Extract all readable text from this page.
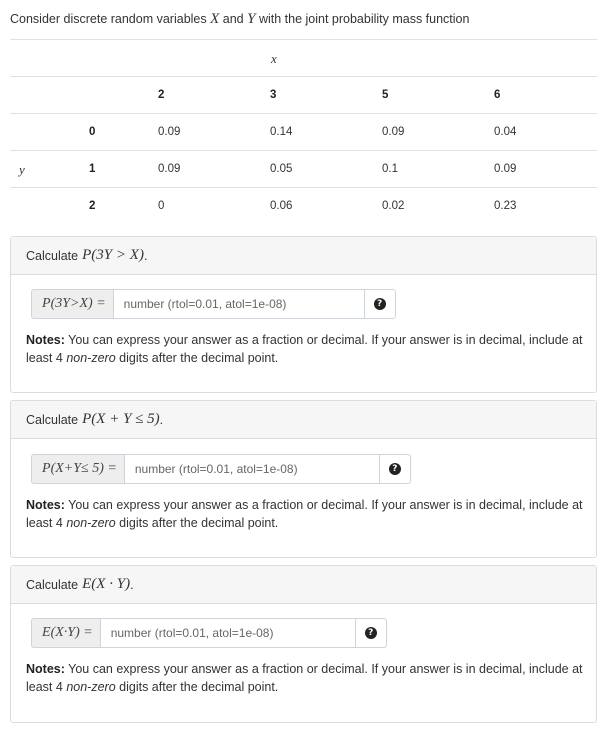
Consider discrete random variables X and Y with the joint probability mass function
x
y
2	3	5	6
0	0.09	0.14	0.09	0.04
1	0.09	0.05	0.1	0.09
2	0	0.06	0.02	0.23
Calculate P(3Y > X) .
P (3 Y > X ) =
number (rtol=0.01, atol=1e-08)	?
Notes: You can express your answer as a fraction or decimal. If your answer is in decimal, include at least 4 non-zero digits after the decimal point.
Calculate P(X + Y ≤ 5) .
P ( X + Y ≤ 5) =
number (rtol=0.01, atol=1e-08)	?
Notes: You can express your answer as a fraction or decimal. If your answer is in decimal, include at least 4 non-zero digits after the decimal point.
Calculate E(X · Y) .
E ( X · Y ) =
number (rtol=0.01, atol=1e-08)	?
Notes: You can express your answer as a fraction or decimal. If your answer is in decimal, include at least 4 non-zero digits after the decimal point.
